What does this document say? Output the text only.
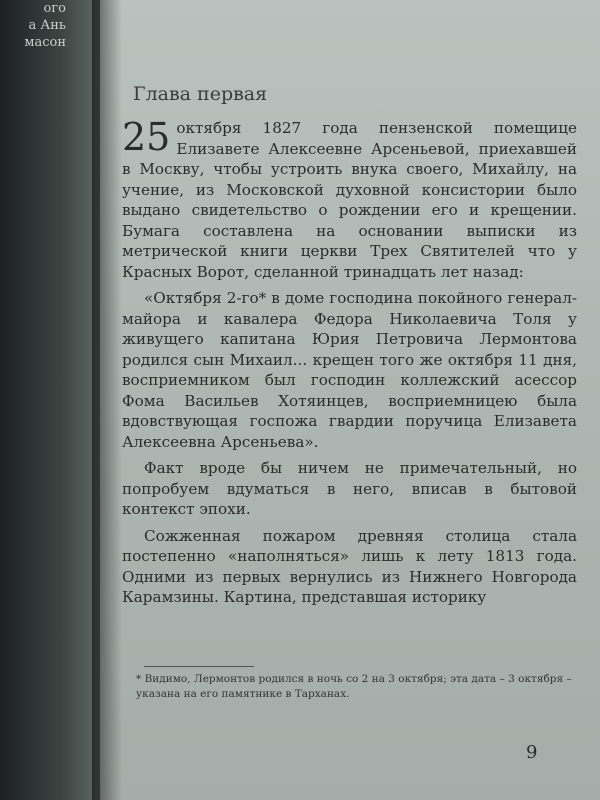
ого
а Ань
масон
Глава первая

25 октября 1827 года пензенской помещице Елизавете Алексеевне Арсеньевой, приехавшей в Москву, чтобы устроить внука своего, Михайлу, на учение, из Московской духовной консистории было выдано свидетельство о рождении его и крещении. Бумага составлена на основании выписки из метрической книги церкви Трех Святителей что у Красных Ворот, сделанной тринадцать лет назад:

«Октября 2-го* в доме господина покойного генерал-майора и кавалера Федора Николаевича Толя у живущего капитана Юрия Петровича Лермонтова родился сын Михаил... крещен того же октября 11 дня, восприемником был господин коллежский асессор Фома Васильев Хотяинцев, восприемницею была вдовствующая госпожа гвардии поручица Елизавета Алексеевна Арсеньева».

Факт вроде бы ничем не примечательный, но попробуем вдуматься в него, вписав в бытовой контекст эпохи.

Сожженная пожаром древняя столица стала постепенно «наполняться» лишь к лету 1813 года. Одними из первых вернулись из Нижнего Новгорода Карамзины. Картина, представшая историку

* Видимо, Лермонтов родился в ночь со 2 на 3 октября; эта дата – 3 октября – указана на его памятнике в Тарханах.

9
